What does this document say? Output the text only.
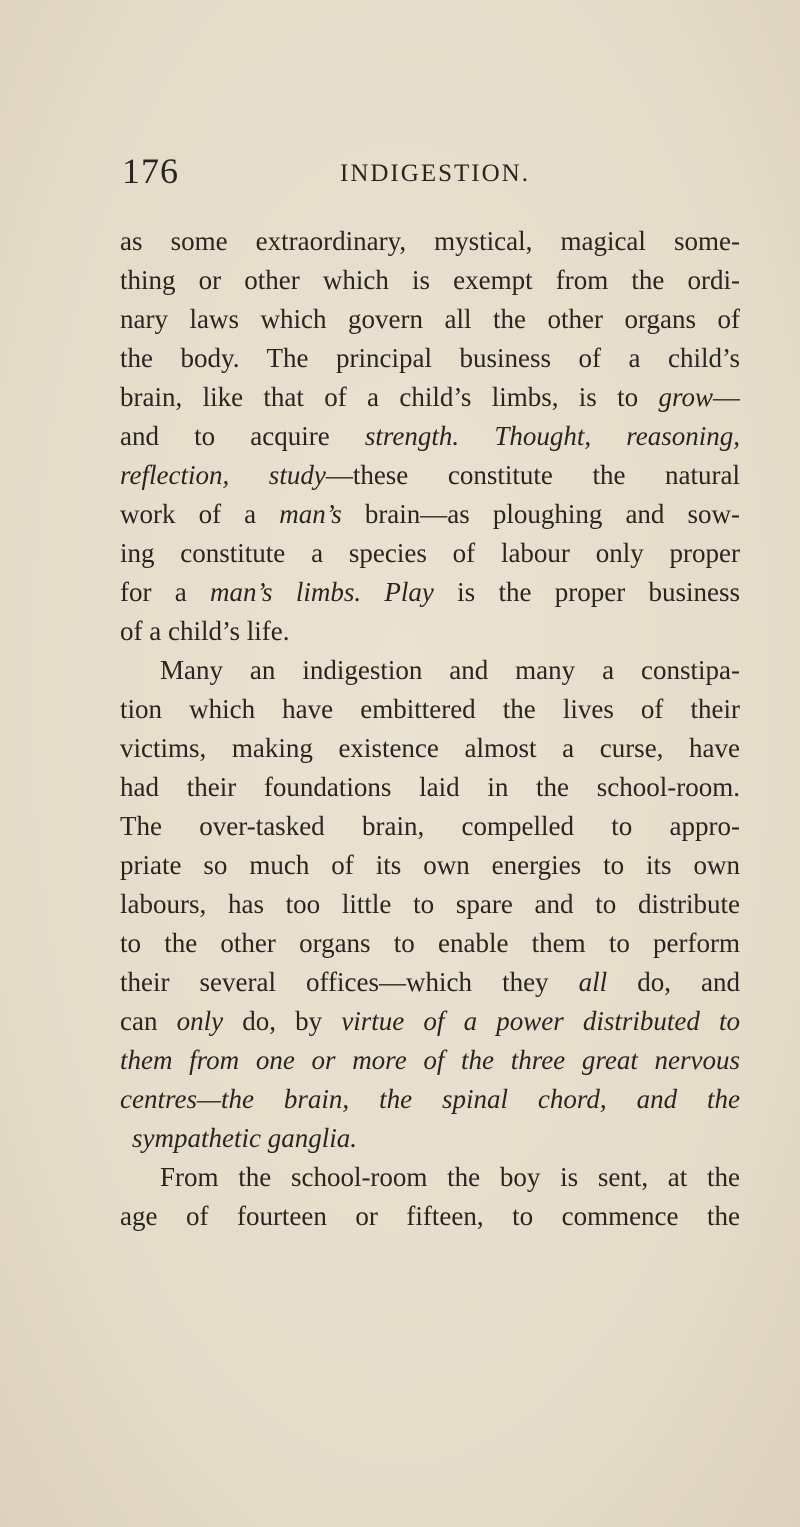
176	INDIGESTION.

as some extraordinary, mystical, magical some-

thing or other which is exempt from the ordi-

nary laws which govern all the other organs of

the body. The principal business of a child’s

brain, like that of a child’s limbs, is to grow—

and to acquire strength. Thought, reasoning,

reflection, study—these constitute the natural

work of a man’s brain—as ploughing and sow-

ing constitute a species of labour only proper

for a man’s limbs. Play is the proper business

of a child’s life.

Many an indigestion and many a constipa-

tion which have embittered the lives of their

victims, making existence almost a curse, have

had their foundations laid in the school-room.

The over-tasked brain, compelled to appro-

priate so much of its own energies to its own

labours, has too little to spare and to distribute

to the other organs to enable them to perform

their several offices—which they all do, and

can only do, by virtue of a power distributed to

them from one or more of the three great nervous

centres—the brain, the spinal chord, and the

sympathetic ganglia.

From the school-room the boy is sent, at the

age of fourteen or fifteen, to commence the
